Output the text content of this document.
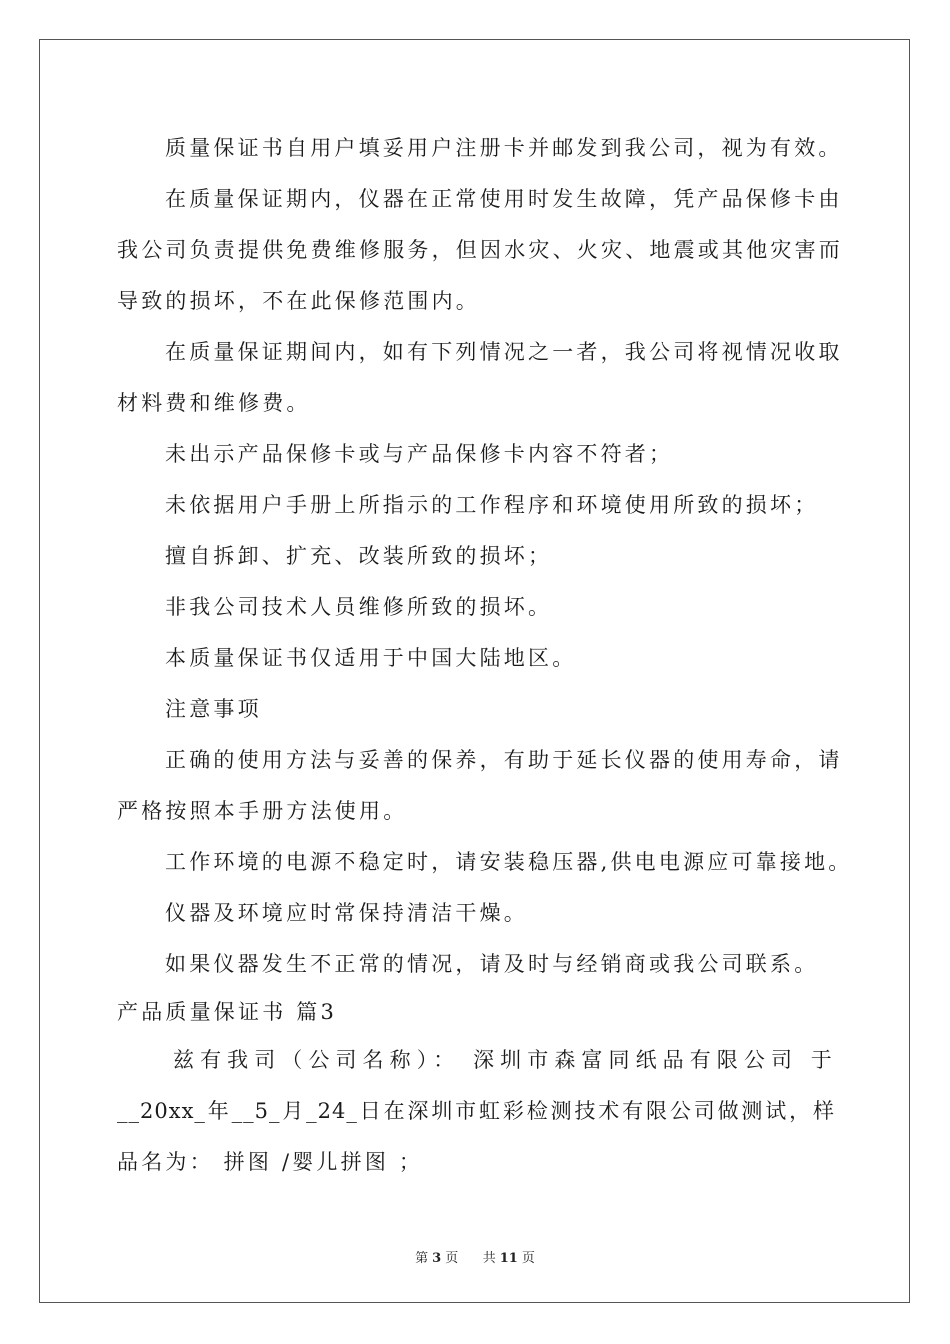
质量保证书自用户填妥用户注册卡并邮发到我公司，视为有效。
在质量保证期内，仪器在正常使用时发生故障，凭产品保修卡由
我公司负责提供免费维修服务，但因水灾、火灾、地震或其他灾害而
导致的损坏，不在此保修范围内。
在质量保证期间内，如有下列情况之一者，我公司将视情况收取
材料费和维修费。
未出示产品保修卡或与产品保修卡内容不符者；
未依据用户手册上所指示的工作程序和环境使用所致的损坏；
擅自拆卸、扩充、改装所致的损坏；
非我公司技术人员维修所致的损坏。
本质量保证书仅适用于中国大陆地区。
注意事项
正确的使用方法与妥善的保养，有助于延长仪器的使用寿命，请
严格按照本手册方法使用。
工作环境的电源不稳定时，请安装稳压器,供电电源应可靠接地。
仪器及环境应时常保持清洁干燥。
如果仪器发生不正常的情况，请及时与经销商或我公司联系。
产品质量保证书 篇3
兹有我司（公司名称）： 深圳市森富同纸品有限公司 于
__20xx_年__5_月_24_日在深圳市虹彩检测技术有限公司做测试，样
品名为： 拼图 /婴儿拼图 ；
第 3 页 共 11 页
